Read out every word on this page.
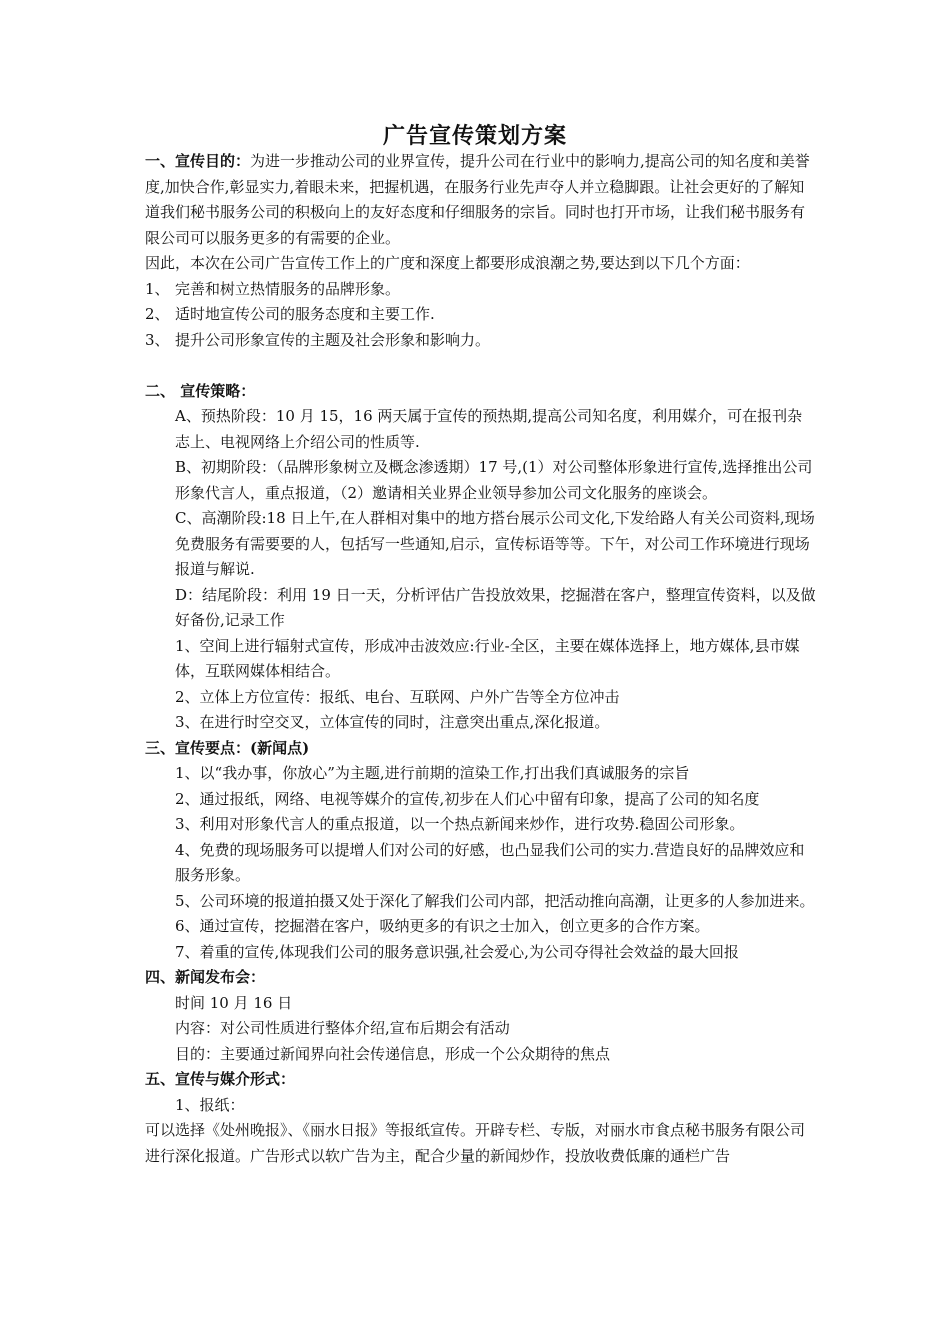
广告宣传策划方案
一、宣传目的：为进一步推动公司的业界宣传，提升公司在行业中的影响力,提高公司的知名度和美誉度,加快合作,彰显实力,着眼未来，把握机遇，在服务行业先声夺人并立稳脚跟。让社会更好的了解知道我们秘书服务公司的积极向上的友好态度和仔细服务的宗旨。同时也打开市场，让我们秘书服务有限公司可以服务更多的有需要的企业。
因此，本次在公司广告宣传工作上的广度和深度上都要形成浪潮之势,要达到以下几个方面：
1、 完善和树立热情服务的品牌形象。
2、 适时地宣传公司的服务态度和主要工作.
3、 提升公司形象宣传的主题及社会形象和影响力。
二、 宣传策略：
A、预热阶段：10 月 15，16 两天属于宣传的预热期,提高公司知名度，利用媒介，可在报刊杂志上、电视网络上介绍公司的性质等.
B、初期阶段：（品牌形象树立及概念渗透期）17 号,(1）对公司整体形象进行宣传,选择推出公司形象代言人，重点报道，（2）邀请相关业界企业领导参加公司文化服务的座谈会。
C、高潮阶段:18 日上午,在人群相对集中的地方搭台展示公司文化,下发给路人有关公司资料,现场免费服务有需要要的人，包括写一些通知,启示，宣传标语等等。下午，对公司工作环境进行现场报道与解说.
D：结尾阶段：利用 19 日一天，分析评估广告投放效果，挖掘潜在客户，整理宣传资料，以及做好备份,记录工作
1、空间上进行辐射式宣传，形成冲击波效应:行业-全区，主要在媒体选择上，地方媒体,县市媒体，互联网媒体相结合。
2、立体上方位宣传：报纸、电台、互联网、户外广告等全方位冲击
3、在进行时空交叉，立体宣传的同时，注意突出重点,深化报道。
三、宣传要点：(新闻点)
1、以“我办事，你放心”为主题,进行前期的渲染工作,打出我们真诚服务的宗旨
2、通过报纸，网络、电视等媒介的宣传,初步在人们心中留有印象，提高了公司的知名度
3、利用对形象代言人的重点报道，以一个热点新闻来炒作，进行攻势.稳固公司形象。
4、免费的现场服务可以提增人们对公司的好感，也凸显我们公司的实力.营造良好的品牌效应和服务形象。
5、公司环境的报道拍摄又处于深化了解我们公司内部，把活动推向高潮，让更多的人参加进来。
6、通过宣传，挖掘潜在客户，吸纳更多的有识之士加入，创立更多的合作方案。
7、着重的宣传,体现我们公司的服务意识强,社会爱心,为公司夺得社会效益的最大回报
四、新闻发布会：
时间 10 月 16 日
内容：对公司性质进行整体介绍,宣布后期会有活动
目的：主要通过新闻界向社会传递信息，形成一个公众期待的焦点
五、宣传与媒介形式：
1、报纸：
可以选择《处州晚报》、《丽水日报》等报纸宣传。开辟专栏、专版，对丽水市食点秘书服务有限公司进行深化报道。广告形式以软广告为主，配合少量的新闻炒作，投放收费低廉的通栏广告
